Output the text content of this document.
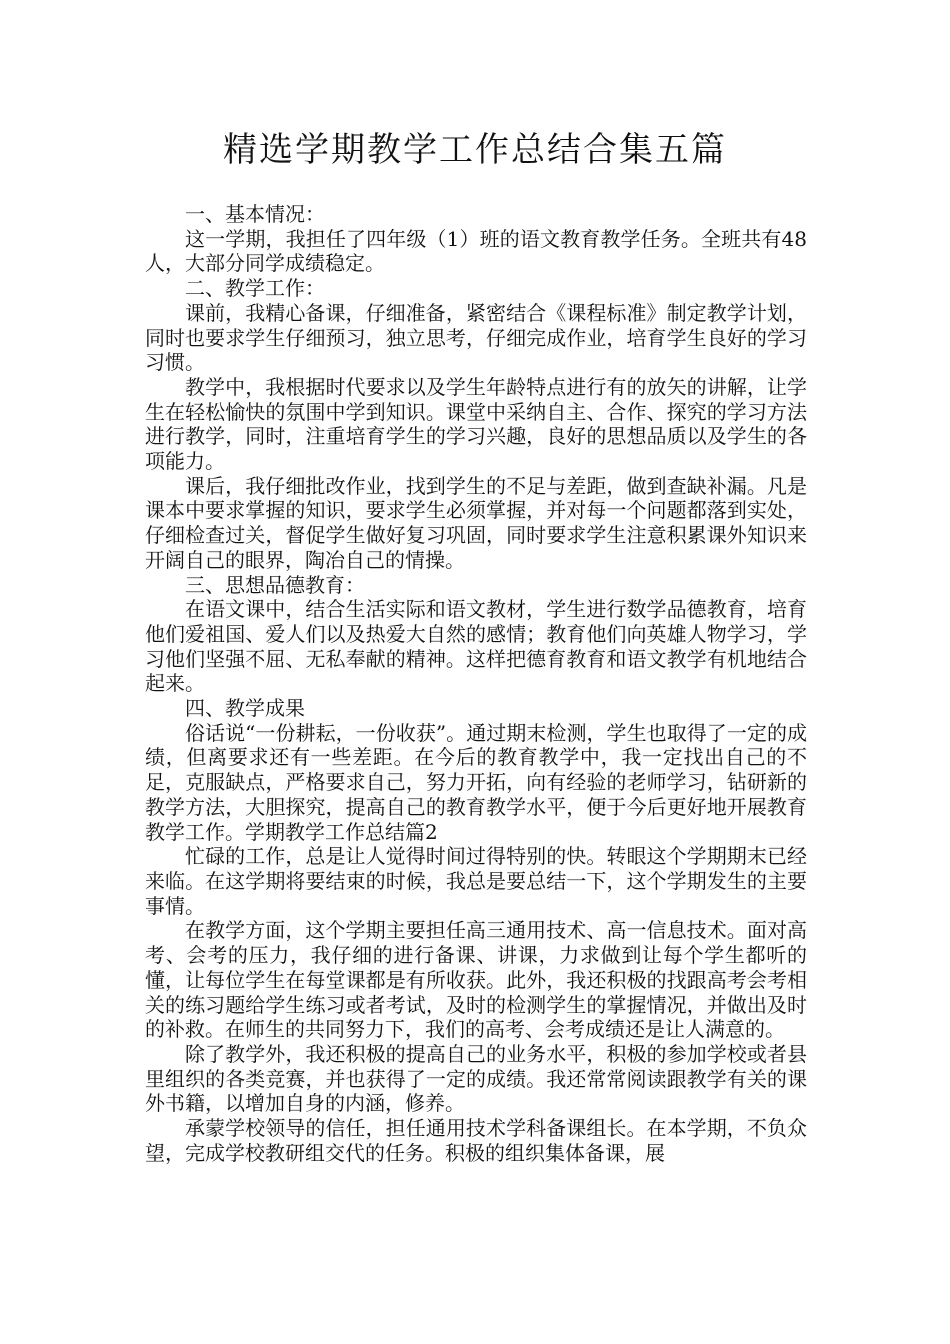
精选学期教学工作总结合集五篇

一、基本情况：

这一学期，我担任了四年级（1）班的语文教育教学任务。全班共有48人，大部分同学成绩稳定。

二、教学工作：

课前，我精心备课，仔细准备，紧密结合《课程标准》制定教学计划，同时也要求学生仔细预习，独立思考，仔细完成作业，培育学生良好的学习习惯。

教学中，我根据时代要求以及学生年龄特点进行有的放矢的讲解，让学生在轻松愉快的氛围中学到知识。课堂中采纳自主、合作、探究的学习方法进行教学，同时，注重培育学生的学习兴趣，良好的思想品质以及学生的各项能力。

课后，我仔细批改作业，找到学生的不足与差距，做到查缺补漏。凡是课本中要求掌握的知识，要求学生必须掌握，并对每一个问题都落到实处，仔细检查过关，督促学生做好复习巩固，同时要求学生注意积累课外知识来开阔自己的眼界，陶冶自己的情操。

三、思想品德教育：

在语文课中，结合生活实际和语文教材，学生进行数学品德教育，培育他们爱祖国、爱人们以及热爱大自然的感情；教育他们向英雄人物学习，学习他们坚强不屈、无私奉献的精神。这样把德育教育和语文教学有机地结合起来。

四、教学成果

俗话说“一份耕耘，一份收获”。通过期末检测，学生也取得了一定的成绩，但离要求还有一些差距。在今后的教育教学中，我一定找出自己的不足，克服缺点，严格要求自己，努力开拓，向有经验的老师学习，钻研新的教学方法，大胆探究，提高自己的教育教学水平，便于今后更好地开展教育教学工作。学期教学工作总结篇2

忙碌的工作，总是让人觉得时间过得特别的快。转眼这个学期期末已经来临。在这学期将要结束的时候，我总是要总结一下，这个学期发生的主要事情。

在教学方面，这个学期主要担任高三通用技术、高一信息技术。面对高考、会考的压力，我仔细的进行备课、讲课，力求做到让每个学生都听的懂，让每位学生在每堂课都是有所收获。此外，我还积极的找跟高考会考相关的练习题给学生练习或者考试，及时的检测学生的掌握情况，并做出及时的补救。在师生的共同努力下，我们的高考、会考成绩还是让人满意的。

除了教学外，我还积极的提高自己的业务水平，积极的参加学校或者县里组织的各类竞赛，并也获得了一定的成绩。我还常常阅读跟教学有关的课外书籍，以增加自身的内涵，修养。

承蒙学校领导的信任，担任通用技术学科备课组长。在本学期，不负众望，完成学校教研组交代的任务。积极的组织集体备课，展
